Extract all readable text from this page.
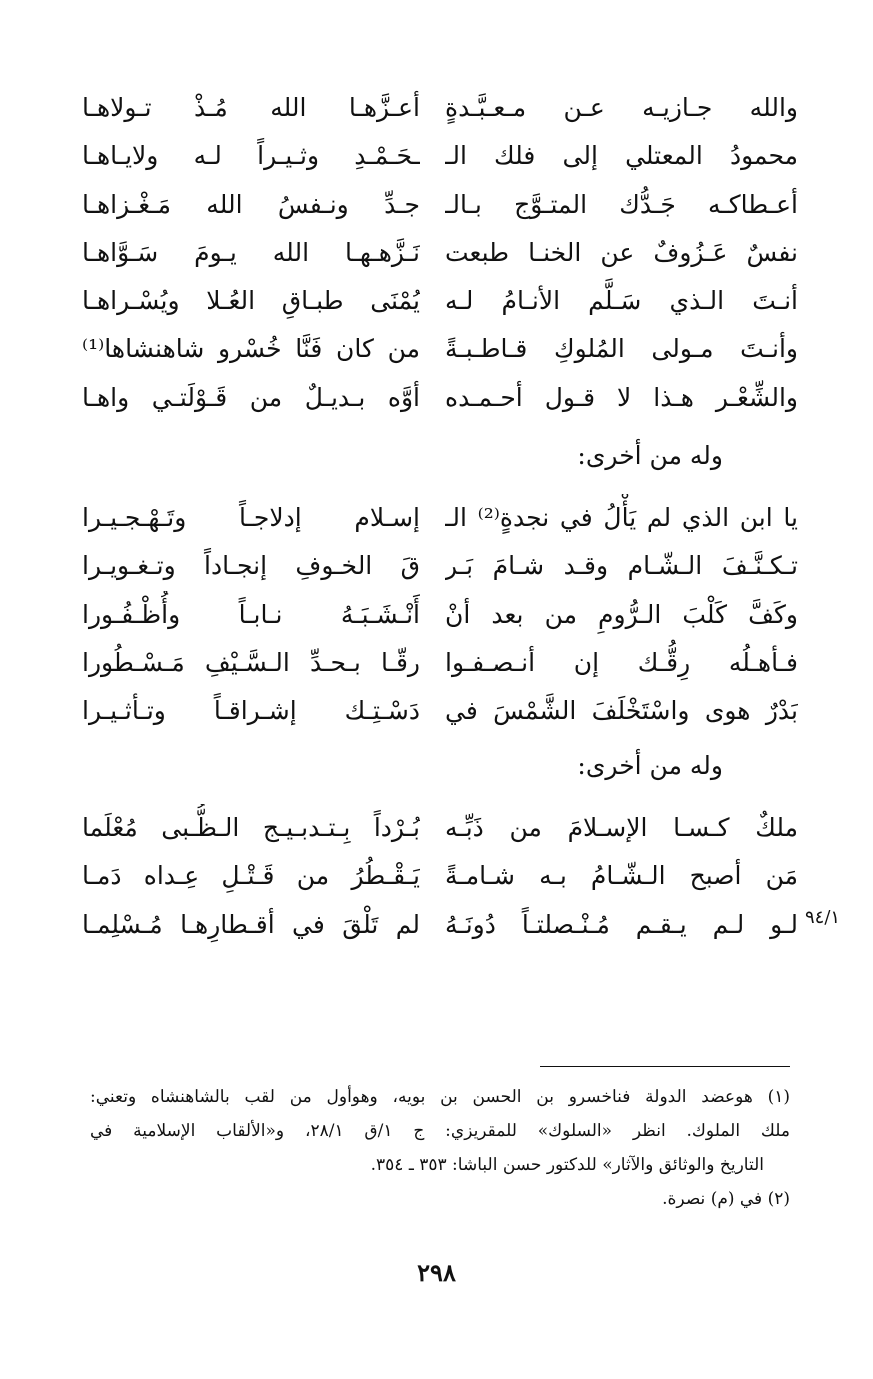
والله جـازيـه عـن مـعـبَّـدةٍ
أعـزَّهـا الله مُـذْ تـولاهـا
محمودُ المعتلي إلى فلك الـ
ـحَـمْـدِ وثـيـراً لـه ولايـاهـا
أعـطاكـه جَـدُّك المتـوَّج بـالـ
جـدِّ ونـفسُ الله مَـغْـزاهـا
نفسٌ عَـزُوفٌ عن الخنـا طبعت
نَـزَّهـهـا الله يـومَ سَـوَّاهـا
أنـتَ الـذي سَـلَّم الأنـامُ لـه
يُمْنَى طبـاقِ العُـلا ويُسْـراهـا
وأنـتَ مـولى المُلوكِ قـاطـبـةً
من كان فَنَّا خُسْرو شاهنشاها⁽¹⁾
والشِّعْـر هـذا لا قـول أحـمـده
أوَّه بـديـلٌ من قَـوْلَتـي واهـا
وله من أخرى:
يا ابن الذي لم يَأْلُ في نجدةٍ⁽²⁾ الـ
إسـلام إدلاجـاً وتَـهْـجـيـرا
تـكـنَّـفَ الـشّـام وقـد شـامَ بَـر
قَ الخـوفِ إنجـاداً وتـغـويـرا
وكَفَّ كَلْبَ الـرُّومِ من بعد أنْ
أَنْـشَـبَـهُ نـابـاً وأُظْـفُـورا
فـأهـلُه رِقُّـك إن أنـصـفـوا
رقّـا بـحـدِّ الـسَّـيْفِ مَـسْـطُورا
بَدْرٌ هوى واسْتَخْلَفَ الشَّمْسَ في
دَسْـتِـك إشـراقـاً وتـأثـيـرا
وله من أخرى:
ملكٌ كـسـا الإسـلامَ من ذَبِّـه
بُـرْداً بِـتـدبـيـج الـظُّـبى مُعْلَما
مَن أصبح الـشّـامُ بـه شـامـةً
يَـقْـطُرُ من قَـتْـلِ عِـداه دَمـا
لـو لـم يـقـم مُـنْـصلتـاً دُونَـهُ
لم تَلْقَ في أقـطارِهـا مُـسْلِمـا	٩٤/١
(١) هوعضد الدولة فناخسرو بن الحسن بن بويه، وهوأول من لقب بالشاهنشاه وتعني:
ملك الملوك. انظر «السلوك» للمقريزي: ج ١/ق ٢٨/١، و«الألقاب الإسلامية في
التاريخ والوثائق والآثار» للدكتور حسن الباشا: ٣٥٣ ـ ٣٥٤.
(٢) في (م) نصرة.
٢٩٨
